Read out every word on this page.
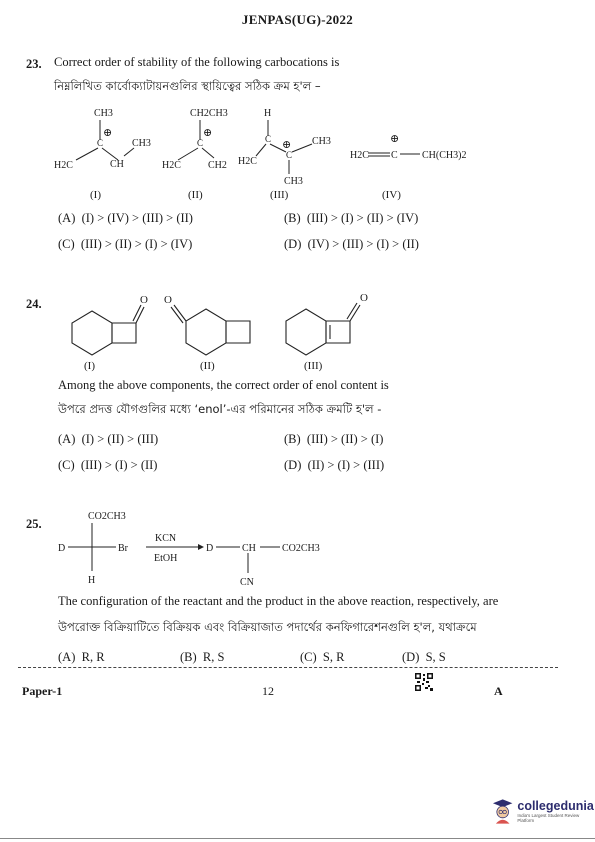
JENPAS(UG)-2022
23. Correct order of stability of the following carbocations is
নিম্নলিখিত কার্বোক্যাটায়নগুলির স্থায়িত্বের সঠিক ক্রম হ'ল –
CH3
C
⊕
CH3
H2C	CH
CH2CH3
C
⊕
H2C	CH2
H
C ⊕
C
CH3
CH3
H2C
⊕
H2C C CH(CH3)2
(I)	(II)	(III)	(IV)
(A) (I) > (IV) > (III) > (II)	(B) (III) > (I) > (II) > (IV)
(C) (III) > (II) > (I) > (IV)	(D) (IV) > (III) > (I) > (II)
24.	O
(I)
O
(II)
O
(III)
Among the above components, the correct order of enol content is
উপরে প্রদত্ত যৌগগুলির মধ্যে ‘enol’-এর পরিমানের সঠিক ক্রমটি হ'ল -
(A) (I) > (II) > (III)	(B) (III) > (II) > (I)
(C) (III) > (I) > (II)	(D) (II) > (I) > (III)
25.
CO2CH3
D	Br
H
KCN
EtOH
D	CH	CO2CH3
CN
The configuration of the reactant and the product in the above reaction, respectively, are
উপরোক্ত বিক্রিয়াটিতে বিক্রিয়ক এবং বিক্রিয়াজাত পদার্থের কনফিগারেশনগুলি হ'ল, যথাক্রমে
(A) R, R	(B) R, S	(C) S, R	(D) S, S
Paper-1	12	A
collegedunia
India's Largest Student Review Platform
